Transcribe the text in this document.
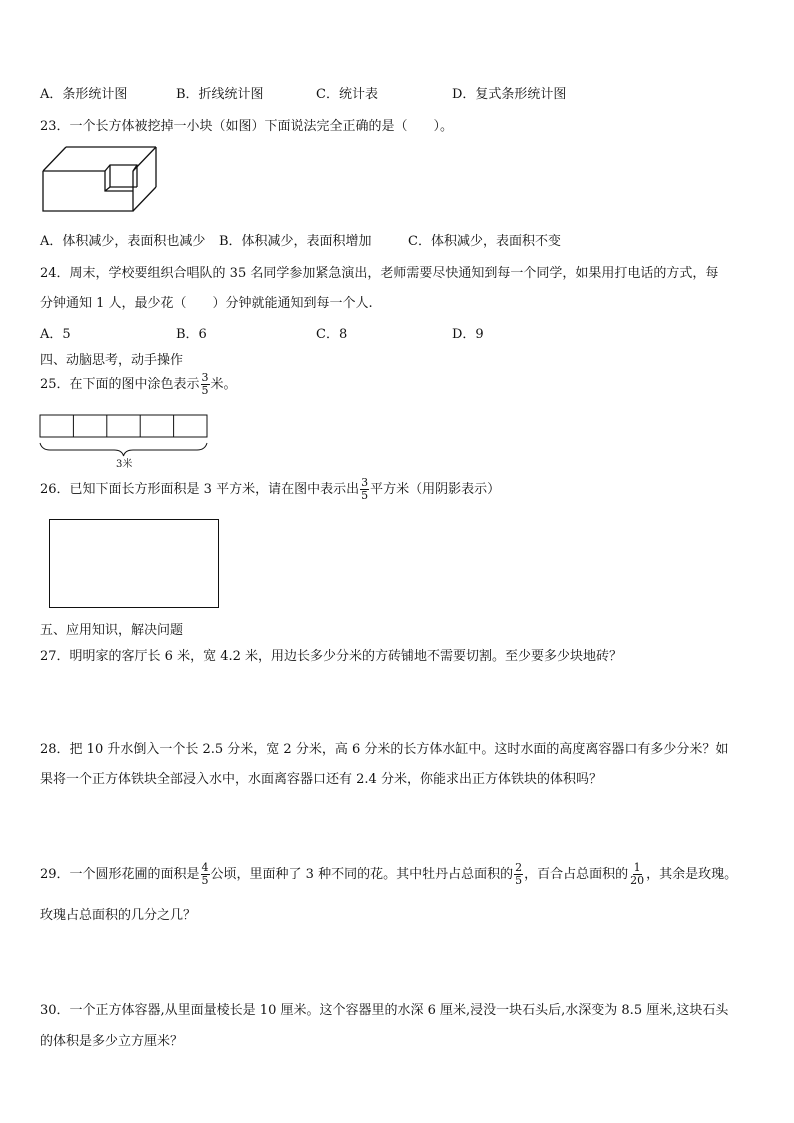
A．条形统计图	B．折线统计图	C．统计表	D．复式条形统计图
23．一个长方体被挖掉一小块（如图）下面说法完全正确的是（　　）。
A．体积减少，表面积也减少 B．体积减少，表面积增加	C．体积减少，表面积不变
24．周末，学校要组织合唱队的 35 名同学参加紧急演出，老师需要尽快通知到每一个同学，如果用打电话的方式，每
分钟通知 1 人，最少花（　　）分钟就能通知到每一个人.
A．5	B．6	C．8	D．9
四、动脑思考，动手操作
25．在下面的图中涂色表示 $\frac{3}{5}$ 米。
3米
26．已知下面长方形面积是 3 平方米，请在图中表示出 $\frac{3}{5}$ 平方米（用阴影表示）
五、应用知识，解决问题
27．明明家的客厅长 6 米，宽 4.2 米，用边长多少分米的方砖铺地不需要切割。至少要多少块地砖？
28．把 10 升水倒入一个长 2.5 分米，宽 2 分米，高 6 分米的长方体水缸中。这时水面的高度离容器口有多少分米？如
果将一个正方体铁块全部浸入水中，水面离容器口还有 2.4 分米，你能求出正方体铁块的体积吗？
29．一个圆形花圃的面积是 $\frac{4}{5}$ 公顷，里面种了 3 种不同的花。其中牡丹占总面积的 $\frac{2}{5}$ ，百合占总面积的 $\frac{1}{20}$ ，其余是玫瑰。
玫瑰占总面积的几分之几？
30．一个正方体容器,从里面量棱长是 10 厘米。这个容器里的水深 6 厘米,浸没一块石头后,水深变为 8.5 厘米,这块石头
的体积是多少立方厘米？
